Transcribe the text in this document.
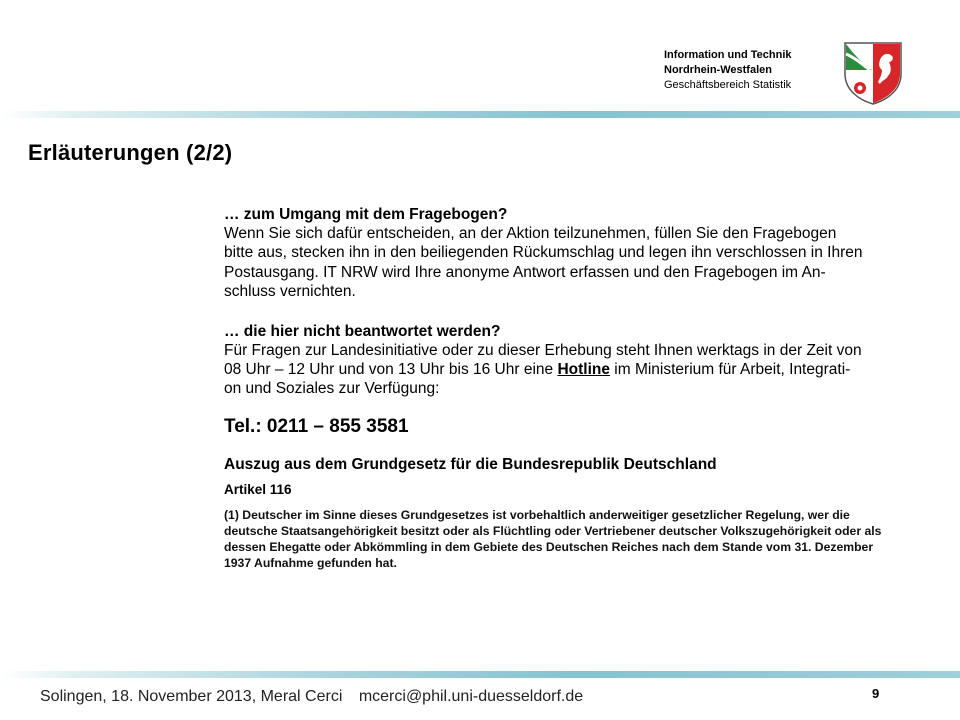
Information und Technik
Nordrhein-Westfalen
Geschäftsbereich Statistik
Erläuterungen (2/2)

… zum Umgang mit dem Fragebogen?

Wenn Sie sich dafür entscheiden, an der Aktion teilzunehmen, füllen Sie den Fragebogen

bitte aus, stecken ihn in den beiliegenden Rückumschlag und legen ihn verschlossen in Ihren

Postausgang. IT NRW wird Ihre anonyme Antwort erfassen und den Fragebogen im An-

schluss vernichten.

… die hier nicht beantwortet werden?

Für Fragen zur Landesinitiative oder zu dieser Erhebung steht Ihnen werktags in der Zeit von

08 Uhr – 12 Uhr und von 13 Uhr bis 16 Uhr eine Hotline im Ministerium für Arbeit, Integrati-

on und Soziales zur Verfügung:

Tel.: 0211 – 855 3581

Auszug aus dem Grundgesetz für die Bundesrepublik Deutschland

Artikel 116

(1) Deutscher im Sinne dieses Grundgesetzes ist vorbehaltlich anderweitiger gesetzlicher Regelung, wer die

deutsche Staatsangehörigkeit besitzt oder als Flüchtling oder Vertriebener deutscher Volkszugehörigkeit oder als

dessen Ehegatte oder Abkömmling in dem Gebiete des Deutschen Reiches nach dem Stande vom 31. Dezember

1937 Aufnahme gefunden hat.

Solingen, 18. November 2013, Meral Cerci mcerci@phil.uni-duesseldorf.de	9
